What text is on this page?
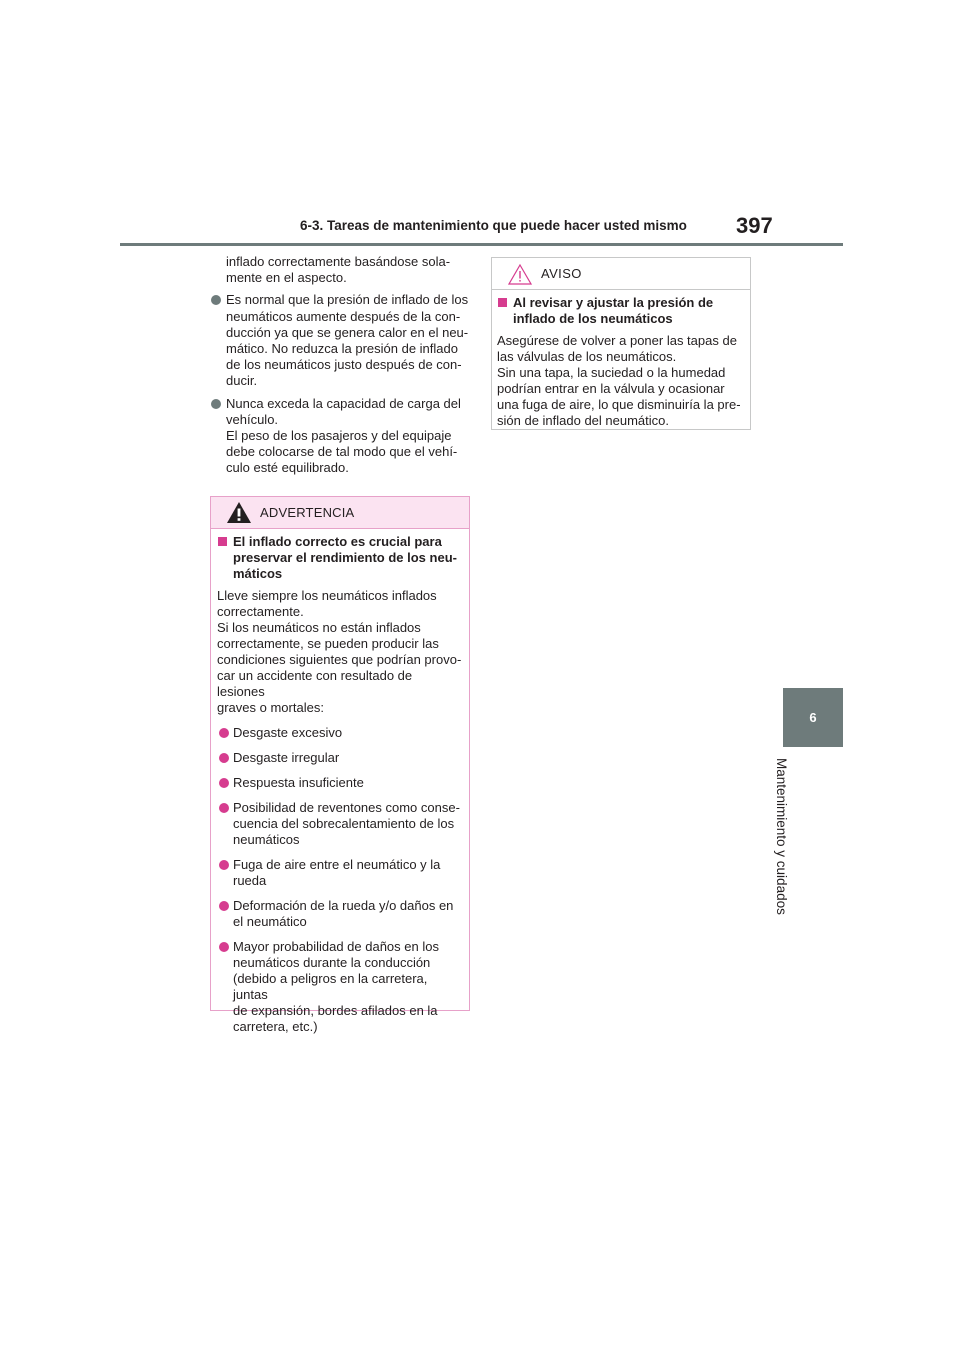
6-3. Tareas de mantenimiento que puede hacer usted mismo 397
6
Mantenimiento y cuidados

inflado correctamente basándose sola-
mente en el aspecto.

Es normal que la presión de inflado de los
neumáticos aumente después de la con-
ducción ya que se genera calor en el neu-
mático. No reduzca la presión de inflado
de los neumáticos justo después de con-
ducir.
Nunca exceda la capacidad de carga del
vehículo.
El peso de los pasajeros y del equipaje
debe colocarse de tal modo que el vehí-
culo esté equilibrado.
ADVERTENCIA
El inflado correcto es crucial para
preservar el rendimiento de los neu-
máticos
Lleve siempre los neumáticos inflados
correctamente.
Si los neumáticos no están inflados
correctamente, se pueden producir las
condiciones siguientes que podrían provo-
car un accidente con resultado de lesiones
graves o mortales:
Desgaste excesivo
Desgaste irregular
Respuesta insuficiente
Posibilidad de reventones como conse-
cuencia del sobrecalentamiento de los
neumáticos
Fuga de aire entre el neumático y la
rueda
Deformación de la rueda y/o daños en
el neumático
Mayor probabilidad de daños en los
neumáticos durante la conducción
(debido a peligros en la carretera, juntas
de expansión, bordes afilados en la
carretera, etc.)
AVISO
Al revisar y ajustar la presión de
inflado de los neumáticos
Asegúrese de volver a poner las tapas de
las válvulas de los neumáticos.
Sin una tapa, la suciedad o la humedad
podrían entrar en la válvula y ocasionar
una fuga de aire, lo que disminuiría la pre-
sión de inflado del neumático.
